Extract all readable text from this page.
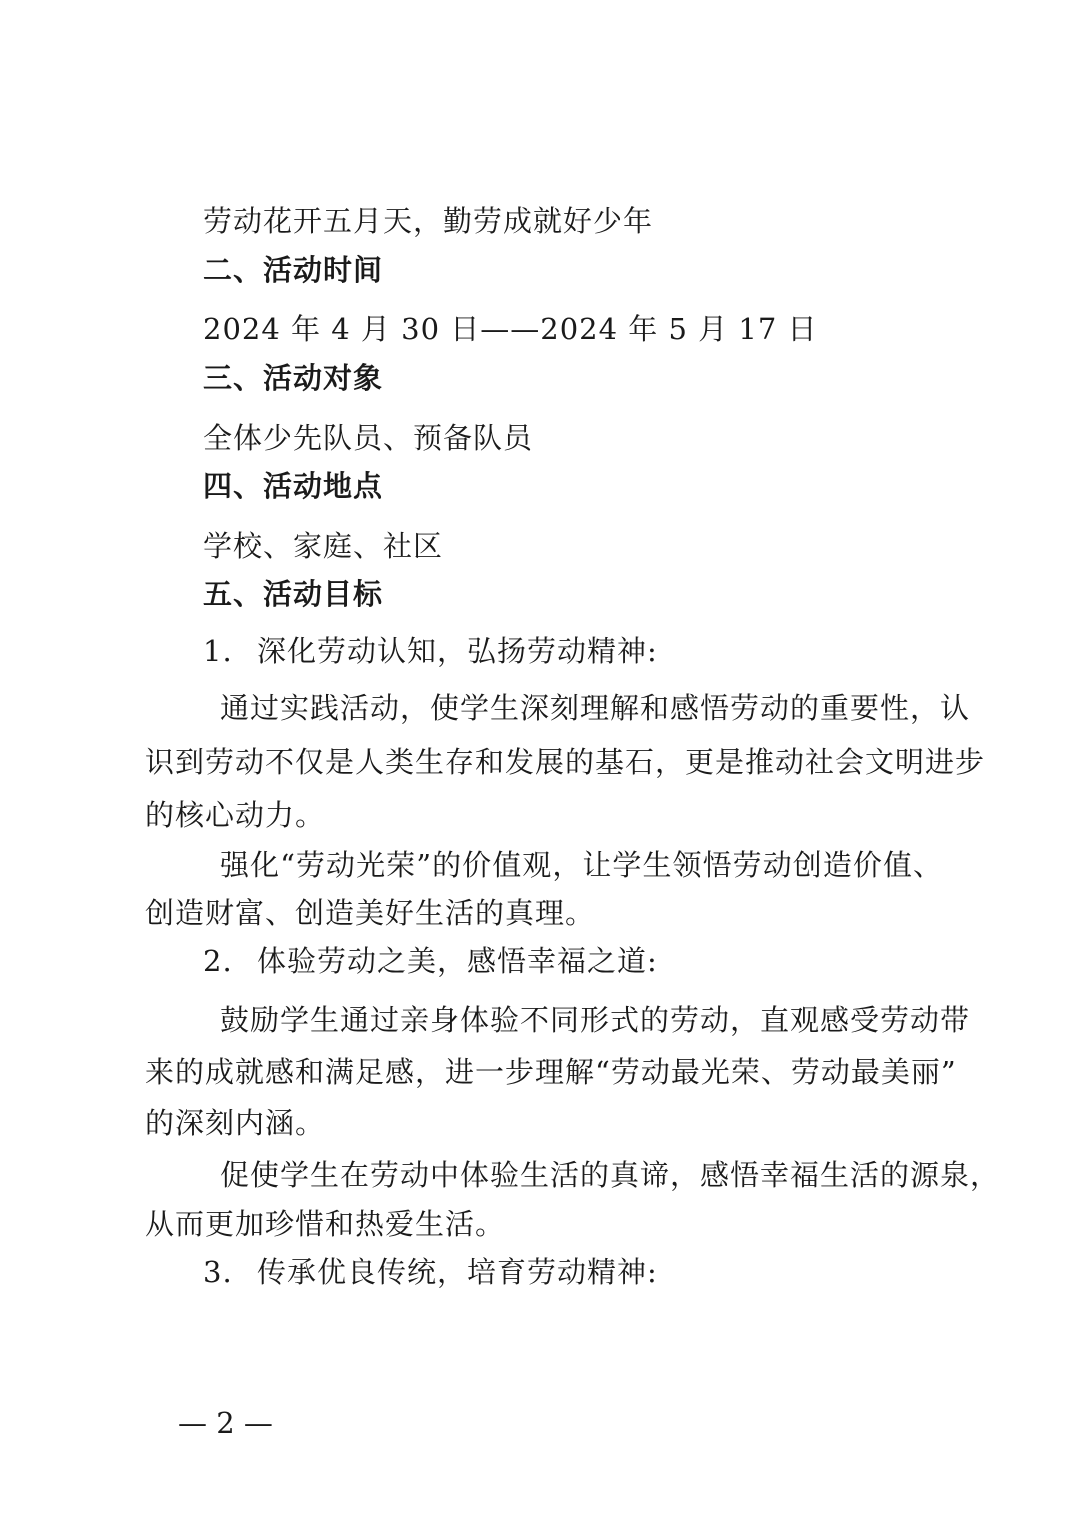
劳动花开五月天，勤劳成就好少年
二、活动时间
2024 年 4 月 30 日——2024 年 5 月 17 日
三、活动对象
全体少先队员、预备队员
四、活动地点
学校、家庭、社区
五、活动目标
1. 深化劳动认知，弘扬劳动精神:
通过实践活动，使学生深刻理解和感悟劳动的重要性，认
识到劳动不仅是人类生存和发展的基石，更是推动社会文明进步
的核心动力。
强化“劳动光荣”的价值观，让学生领悟劳动创造价值、
创造财富、创造美好生活的真理。
2. 体验劳动之美，感悟幸福之道:
鼓励学生通过亲身体验不同形式的劳动，直观感受劳动带
来的成就感和满足感，进一步理解“劳动最光荣、劳动最美丽”
的深刻内涵。
促使学生在劳动中体验生活的真谛，感悟幸福生活的源泉，
从而更加珍惜和热爱生活。
3. 传承优良传统，培育劳动精神:
— 2 —
